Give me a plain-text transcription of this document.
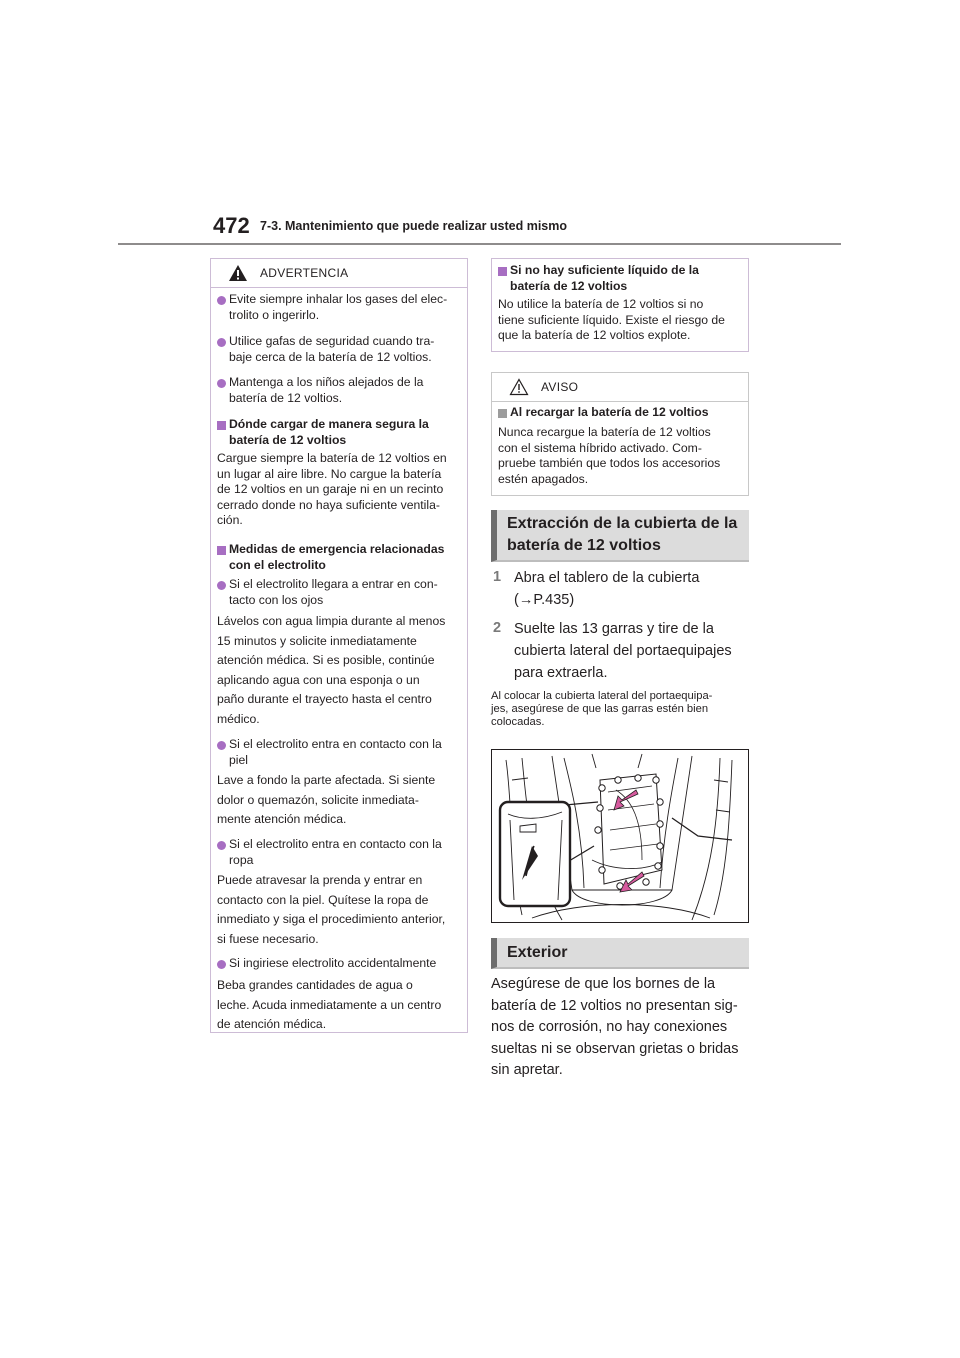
472 7-3. Mantenimiento que puede realizar usted mismo
ADVERTENCIA

Evite siempre inhalar los gases del elec-
trolito o ingerirlo.

Utilice gafas de seguridad cuando tra-
baje cerca de la batería de 12 voltios.

Mantenga a los niños alejados de la
batería de 12 voltios.

Dónde cargar de manera segura la
batería de 12 voltios

Cargue siempre la batería de 12 voltios en
un lugar al aire libre. No cargue la batería
de 12 voltios en un garaje ni en un recinto
cerrado donde no haya suficiente ventila-
ción.

Medidas de emergencia relacionadas
con el electrolito

Si el electrolito llegara a entrar en con-
tacto con los ojos

Lávelos con agua limpia durante al menos
15 minutos y solicite inmediatamente
atención médica. Si es posible, continúe
aplicando agua con una esponja o un
paño durante el trayecto hasta el centro
médico.

Si el electrolito entra en contacto con la
piel

Lave a fondo la parte afectada. Si siente
dolor o quemazón, solicite inmediata-
mente atención médica.

Si el electrolito entra en contacto con la
ropa

Puede atravesar la prenda y entrar en
contacto con la piel. Quítese la ropa de
inmediato y siga el procedimiento anterior,
si fuese necesario.

Si ingiriese electrolito accidentalmente

Beba grandes cantidades de agua o
leche. Acuda inmediatamente a un centro
de atención médica.

Si no hay suficiente líquido de la
batería de 12 voltios

No utilice la batería de 12 voltios si no
tiene suficiente líquido. Existe el riesgo de
que la batería de 12 voltios explote.

AVISO

Al recargar la batería de 12 voltios

Nunca recargue la batería de 12 voltios
con el sistema híbrido activado. Com-
pruebe también que todos los accesorios
estén apagados.

Extracción de la cubierta de la
batería de 12 voltios
1 Abra el tablero de la cubierta
(→P.435)
2 Suelte las 13 garras y tire de la
cubierta lateral del portaequipajes
para extraerla.
Al colocar la cubierta lateral del portaequipa-
jes, asegúrese de que las garras estén bien
colocadas.
Exterior
Asegúrese de que los bornes de la
batería de 12 voltios no presentan sig-
nos de corrosión, no hay conexiones
sueltas ni se observan grietas o bridas
sin apretar.
